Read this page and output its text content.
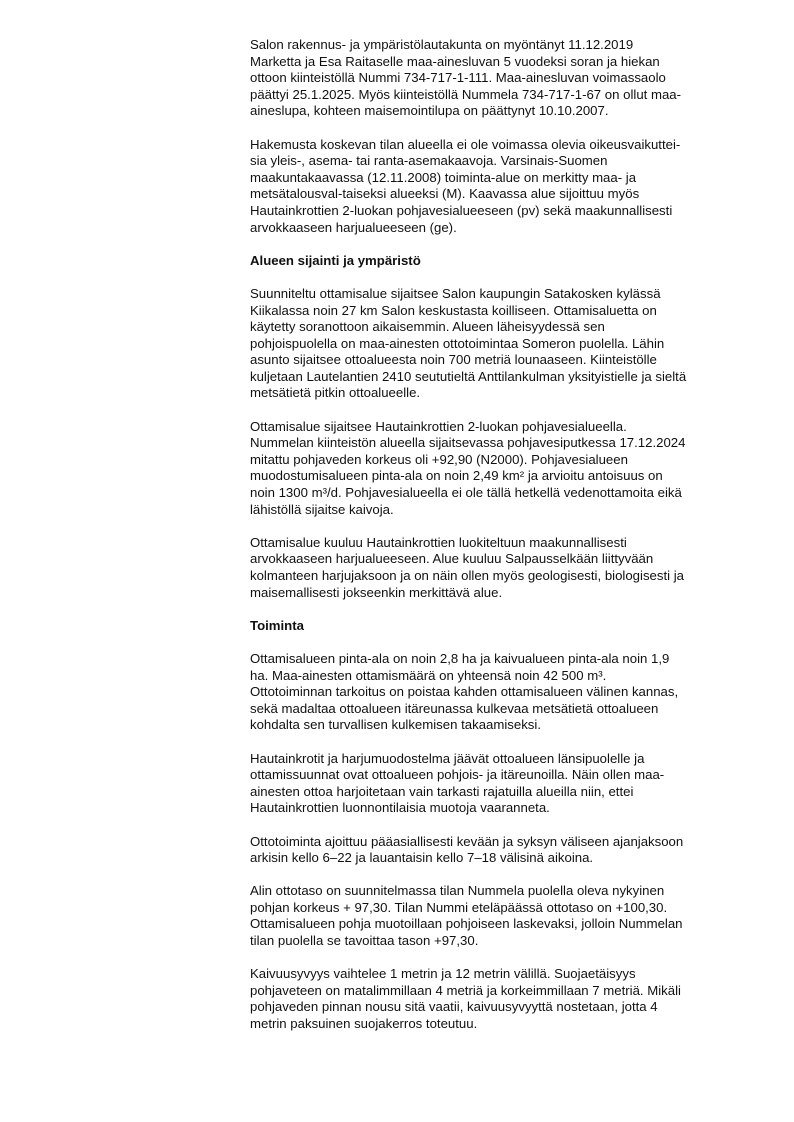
Salon rakennus- ja ympäristölautakunta on myöntänyt 11.12.2019
Marketta ja Esa Raitaselle maa-ainesluvan 5 vuodeksi soran ja hiekan
ottoon kiinteistöllä Nummi 734-717-1-111. Maa-ainesluvan voimassaolo
päättyi 25.1.2025. Myös kiinteistöllä Nummela 734-717-1-67 on ollut maa-
aineslupa, kohteen maisemointilupa on päättynyt 10.10.2007.
Hakemusta koskevan tilan alueella ei ole voimassa olevia oikeusvaikuttei-
sia yleis-, asema- tai ranta-asemakaavoja. Varsinais-Suomen
maakuntakaavassa (12.11.2008) toiminta-alue on merkitty maa- ja
metsätalousval-taiseksi alueeksi (M). Kaavassa alue sijoittuu myös
Hautainkrottien 2-luokan pohjavesialueeseen (pv) sekä maakunnallisesti
arvokkaaseen harjualueeseen (ge).
Alueen sijainti ja ympäristö
Suunniteltu ottamisalue sijaitsee Salon kaupungin Satakosken kylässä
Kiikalassa noin 27 km Salon keskustasta koilliseen. Ottamisaluetta on
käytetty soranottoon aikaisemmin. Alueen läheisyydessä sen
pohjoispuolella on maa-ainesten ottotoimintaa Someron puolella. Lähin
asunto sijaitsee ottoalueesta noin 700 metriä lounaaseen. Kiinteistölle
kuljetaan Lautelantien 2410 seututieltä Anttilankulman yksityistielle ja sieltä
metsätietä pitkin ottoalueelle.
Ottamisalue sijaitsee Hautainkrottien 2-luokan pohjavesialueella.
Nummelan kiinteistön alueella sijaitsevassa pohjavesiputkessa 17.12.2024
mitattu pohjaveden korkeus oli +92,90 (N2000). Pohjavesialueen
muodostumisalueen pinta-ala on noin 2,49 km² ja arvioitu antoisuus on
noin 1300 m³/d. Pohjavesialueella ei ole tällä hetkellä vedenottamoita eikä
lähistöllä sijaitse kaivoja.
Ottamisalue kuuluu Hautainkrottien luokiteltuun maakunnallisesti
arvokkaaseen harjualueeseen. Alue kuuluu Salpausselkään liittyvään
kolmanteen harjujaksoon ja on näin ollen myös geologisesti, biologisesti ja
maisemallisesti jokseenkin merkittävä alue.
Toiminta
Ottamisalueen pinta-ala on noin 2,8 ha ja kaivualueen pinta-ala noin 1,9
ha. Maa-ainesten ottamismäärä on yhteensä noin 42 500 m³.
Ottotoiminnan tarkoitus on poistaa kahden ottamisalueen välinen kannas,
sekä madaltaa ottoalueen itäreunassa kulkevaa metsätietä ottoalueen
kohdalta sen turvallisen kulkemisen takaamiseksi.
Hautainkrotit ja harjumuodostelma jäävät ottoalueen länsipuolelle ja
ottamissuunnat ovat ottoalueen pohjois- ja itäreunoilla. Näin ollen maa-
ainesten ottoa harjoitetaan vain tarkasti rajatuilla alueilla niin, ettei
Hautainkrottien luonnontilaisia muotoja vaaranneta.
Ottotoiminta ajoittuu pääasiallisesti kevään ja syksyn väliseen ajanjaksoon
arkisin kello 6–22 ja lauantaisin kello 7–18 välisinä aikoina.
Alin ottotaso on suunnitelmassa tilan Nummela puolella oleva nykyinen
pohjan korkeus + 97,30. Tilan Nummi eteläpäässä ottotaso on +100,30.
Ottamisalueen pohja muotoillaan pohjoiseen laskevaksi, jolloin Nummelan
tilan puolella se tavoittaa tason +97,30.
Kaivuusyvyys vaihtelee 1 metrin ja 12 metrin välillä. Suojaetäisyys
pohjaveteen on matalimmillaan 4 metriä ja korkeimmillaan 7 metriä. Mikäli
pohjaveden pinnan nousu sitä vaatii, kaivuusyvyyttä nostetaan, jotta 4
metrin paksuinen suojakerros toteutuu.
